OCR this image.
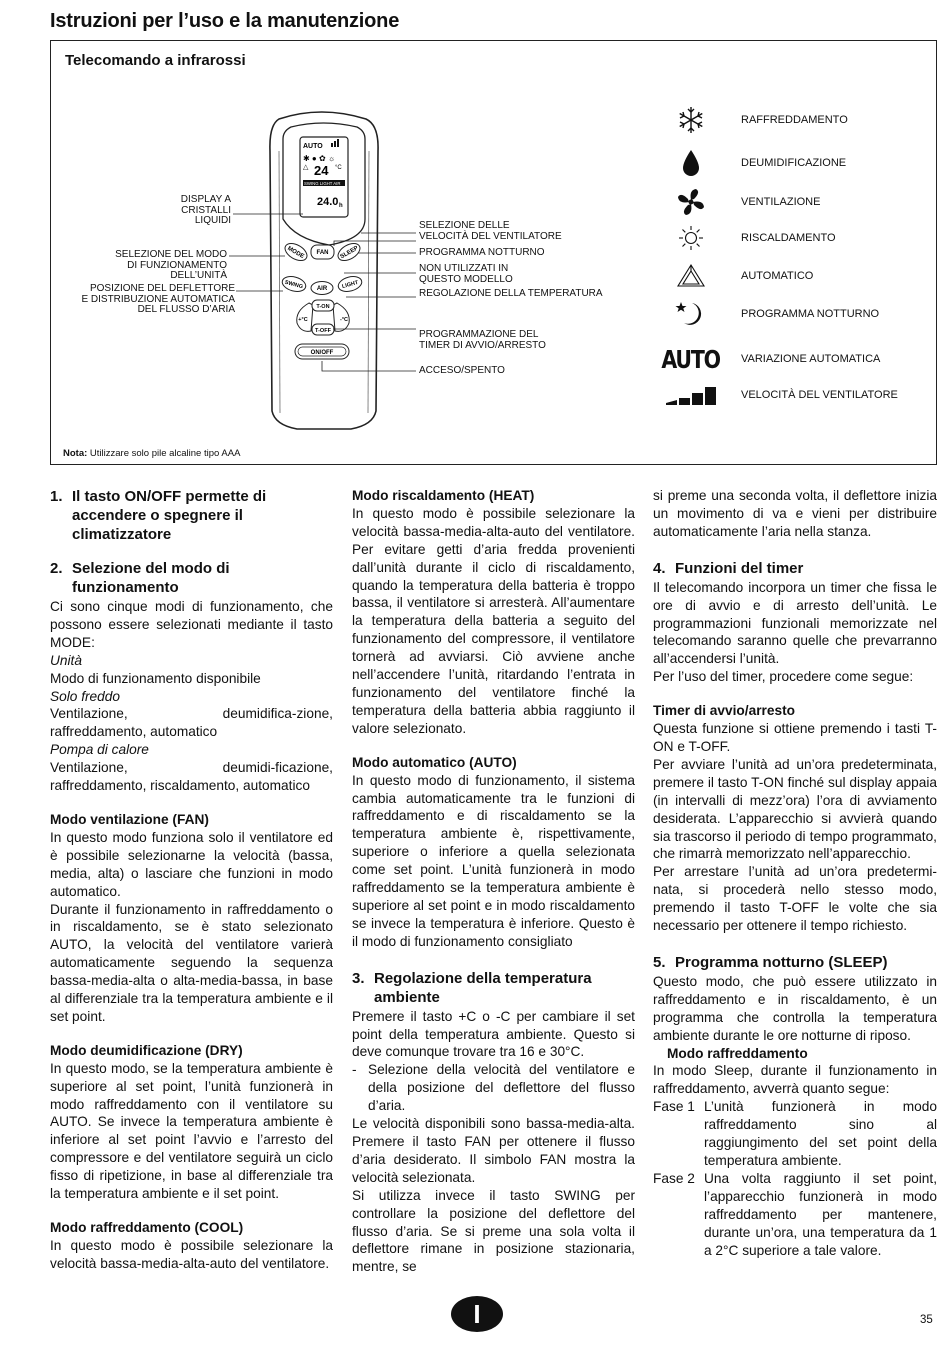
Istruzioni per l’uso e la manutenzione
Telecomando a infrarossi
AUTO
✱ ● ✿ ☼
24 °C
△
SWING LIGHT AIR
24.0 h
MODE FAN SLEEP
SWING AIR	LIGHT
+°C	-°C
T-ON
T-OFF
ON/OFF
DISPLAY A
CRISTALLI
LIQUIDI
SELEZIONE DEL MODO
DI FUNZIONAMENTO
DELL’UNITÀ
POSIZIONE DEL DEFLETTORE
E DISTRIBUZIONE AUTOMATICA
DEL FLUSSO D’ARIA
SELEZIONE DELLE
VELOCITÀ DEL VENTILATORE
PROGRAMMA NOTTURNO
NON UTILIZZATI IN
QUESTO MODELLO
REGOLAZIONE DELLA TEMPERATURA
PROGRAMMAZIONE DEL
TIMER DI AVVIO/ARRESTO
ACCESO/SPENTO
RAFFREDDAMENTO
DEUMIDIFICAZIONE
VENTILAZIONE
RISCALDAMENTO
AUTOMATICO
PROGRAMMA NOTTURNO
AUTO VARIAZIONE AUTOMATICA
VELOCITÀ DEL VENTILATORE
Nota: Utilizzare solo pile alcaline tipo AAA
1. Il tasto ON/OFF permette di accendere o spegnere il climatizzatore
2. Selezione del modo di funzionamento

Ci sono cinque modi di funzionamento, che possono essere selezionati mediante il tasto MODE:

Unità
Modo di funzionamento disponibile
Solo freddo

Ventilazione, deumidifica-zione, raffreddamento, automatico

Pompa di calore

Ventilazione, deumidi-ficazione, raffreddamento, riscaldamento, automatico

Modo ventilazione (FAN)

In questo modo funziona solo il ventilatore ed è possibile selezionarne la velocità (bassa, media, alta) o lasciare che funzioni in modo automatico.

Durante il funzionamento in raffreddamento o in riscaldamento, se è stato selezionato AUTO, la velocità del ventilatore varierà automaticamente seguendo la sequenza bassa-media-alta o alta-media-bassa, in base al differenziale tra la temperatura ambiente e il set point.

Modo deumidificazione (DRY)

In questo modo, se la temperatura ambiente è superiore al set point, l’unità funzionerà in modo raffreddamento con il ventilatore su AUTO. Se invece la temperatura ambiente è inferiore al set point l’avvio e l’arresto del compressore e del ventilatore seguirà un ciclo fisso di ripetizione, in base al differenziale tra la temperatura ambiente e il set point.

Modo raffreddamento (COOL)

In questo modo è possibile selezionare la velocità bassa-media-alta-auto del ventilatore.

Modo riscaldamento (HEAT)

In questo modo è possibile selezionare la velocità bassa-media-alta-auto del ventilatore. Per evitare getti d’aria fredda provenienti dall’unità durante il ciclo di riscaldamento, quando la temperatura della batteria è troppo bassa, il ventilatore si arresterà. All’aumentare la temperatura della batteria a seguito del funzionamento del compressore, il ventilatore tornerà ad avviarsi. Ciò avviene anche nell’accendere l’unità, ritardando l’entrata in funzionamento del ventilatore finché la temperatura della batteria abbia raggiunto il valore selezionato.

Modo automatico (AUTO)

In questo modo di funzionamento, il sistema cambia automaticamente tra le funzioni di raffreddamento e di riscaldamento se la temperatura ambiente è, rispettivamente, superiore o inferiore a quella selezionata come set point. L’unità funzionerà in modo raffreddamento se la temperatura ambiente è superiore al set point e in modo riscaldamento se invece la temperatura è inferiore. Questo è il modo di funzionamento consigliato

3. Regolazione della temperatura ambiente

Premere il tasto +C o -C per cambiare il set point della temperatura ambiente. Questo si deve comunque trovare tra 16 e 30°C.

- Selezione della velocità del ventilatore e della posizione del deflettore del flusso d’aria.

Le velocità disponibili sono bassa-media-alta. Premere il tasto FAN per ottenere il flusso d’aria desiderato. Il simbolo FAN mostra la velocità selezionata.

Si utilizza invece il tasto SWING per controllare la posizione del deflettore del flusso d’aria. Se si preme una sola volta il deflettore rimane in posizione stazionaria, mentre, se

si preme una seconda volta, il deflettore inizia un movimento di va e vieni per distribuire automaticamente l’aria nella stanza.

4. Funzioni del timer

Il telecomando incorpora un timer che fissa le ore di avvio e di arresto dell’unità. Le programmazioni funzionali memorizzate nel telecomando saranno quelle che prevarranno all’accendersi l’unità.

Per l’uso del timer, procedere come segue:

Timer di avvio/arresto

Questa funzione si ottiene premendo i tasti T-ON e T-OFF.

Per avviare l’unità ad un’ora predeterminata, premere il tasto T-ON finché sul display appaia (in intervalli di mezz’ora) l’ora di avviamento desiderata. L’apparecchio si avvierà quando sia trascorso il periodo di tempo programmato, che rimarrà memorizzato nell’apparecchio.

Per arrestare l’unità ad un’ora predetermi-nata, si procederà nello stesso modo, premendo il tasto T-OFF le volte che sia necessario per ottenere il tempo richiesto.

5. Programma notturno (SLEEP)

Questo modo, che può essere utilizzato in raffreddamento e in riscaldamento, è un programma che controlla la temperatura ambiente durante le ore notturne di riposo.

Modo raffreddamento

In modo Sleep, durante il funzionamento in raffreddamento, avverrà quanto segue:

Fase 1 L’unità funzionerà in modo raffreddamento sino al raggiungimento del set point della temperatura ambiente.
Fase 2 Una volta raggiunto il set point, l’apparecchio funzionerà in modo raffreddamento per mantenere, durante un’ora, una temperatura da 1 a 2°C superiore a tale valore.
I	35
